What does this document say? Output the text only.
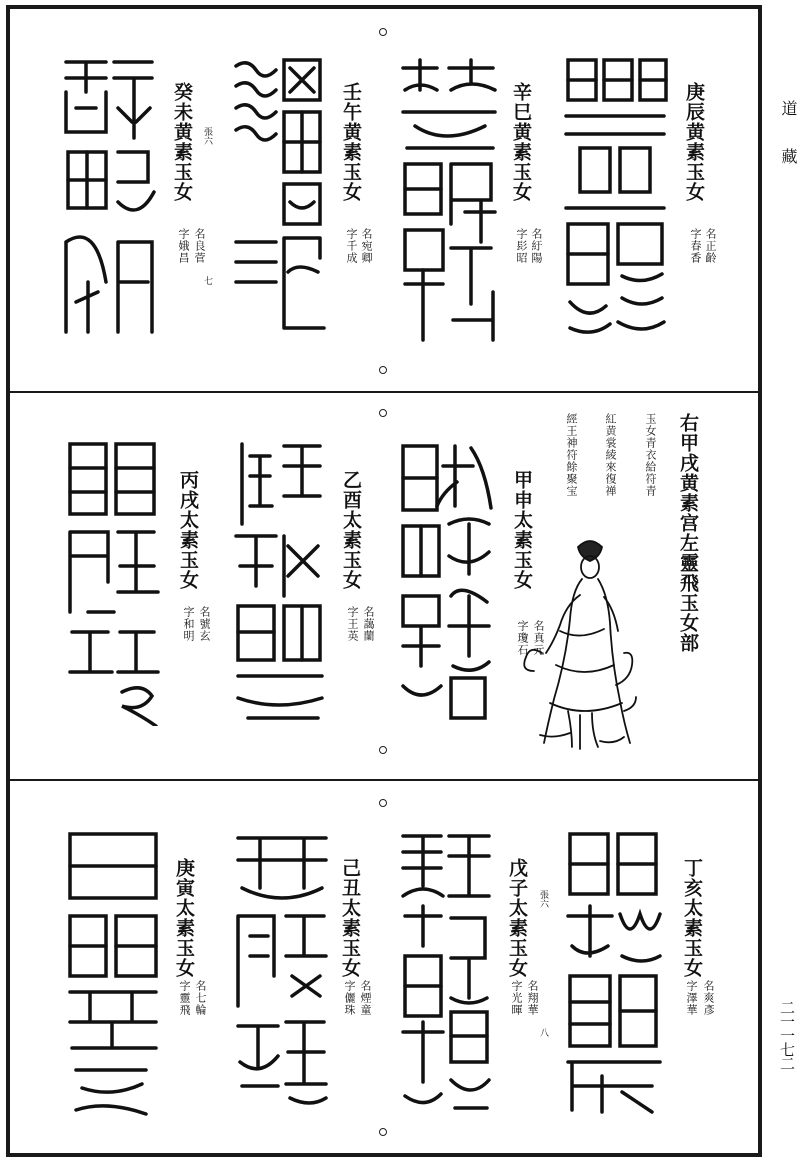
道　　藏
二一一七二
庚辰黄素玉女
名正齡
字春香
辛巳黄素玉女
名紆陽
字髟昭
壬午黄素玉女
名宛卿
字千成
癸未黄素玉女
名良菅
字娥昌
張六
七
右甲戌黄素宫左靈飛玉女部
玉女青衣給符青
紅黄裳綾來復禅
經王神符餘聚宝
甲申太素玉女
名真元
字瓊石
乙酉太素玉女
名藹蘭
字王英
丙戌太素玉女
名號玄
字和明
丁亥太素玉女
名爽彥
字澤華
戊子太素玉女
名翔華
字光暉
張六
八
己丑太素玉女
名煙童
字儷珠
庚寅太素玉女
名七輪
字靈飛
